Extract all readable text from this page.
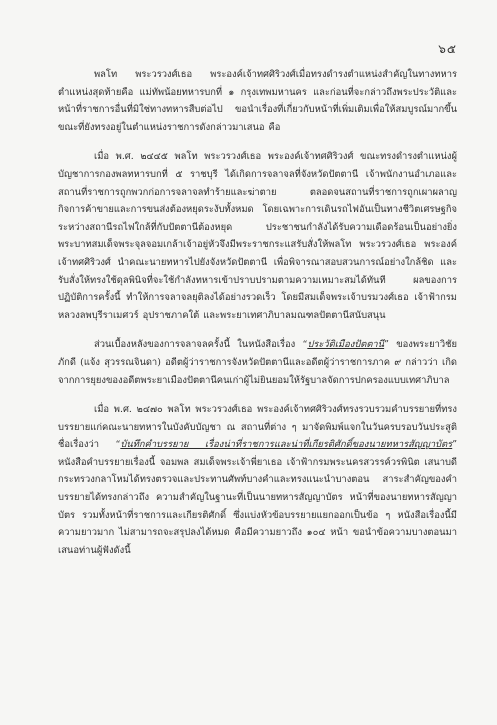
๖๕

พลโท พระวรวงศ์เธอ พระองค์เจ้าทศศิริวงศ์เมื่อทรงดำรงตำแหน่งสำคัญในทางทหาร ตำแหน่งสุดท้ายคือ แม่ทัพน้อยทหารบกที่ ๑ กรุงเทพมหานคร และก่อนที่จะกล่าวถึงพระประวัติและหน้าที่ราชการอื่นที่มิใช่ทางทหารสืบต่อไป ขอนำเรื่องที่เกี่ยวกับหน้าที่เพิ่มเติมเพื่อให้สมบูรณ์มากขึ้น ขณะที่ยังทรงอยู่ในตำแหน่งราชการดังกล่าวมาเสนอ คือ

เมื่อ พ.ศ. ๒๔๔๕ พลโท พระวรวงศ์เธอ พระองค์เจ้าทศศิริวงศ์ ขณะทรงดำรงตำแหน่งผู้บัญชาการกองพลทหารบกที่ ๕ ราชบุรี ได้เกิดการจลาจลที่จังหวัดปัตตานี เจ้าพนักงานอำเภอและสถานที่ราชการถูกพวกก่อการจลาจลทำร้ายและฆ่าตาย ตลอดจนสถานที่ราชการถูกเผาผลาญ กิจการค้าขายและการขนส่งต้องหยุดระงับทั้งหมด โดยเฉพาะการเดินรถไฟอันเป็นทางชีวิตเศรษฐกิจระหว่างสถานีรถไฟใกล้ที่กับปัตตานีต้องหยุด ประชาชนกำลังได้รับความเดือดร้อนเป็นอย่างยิ่ง พระบาทสมเด็จพระจุลจอมเกล้าเจ้าอยู่หัวจึงมีพระราชกระแสรับสั่งให้พลโท พระวรวงศ์เธอ พระองค์เจ้าทศศิริวงศ์ นำคณะนายทหารไปยังจังหวัดปัตตานี เพื่อพิจารณาสอบสวนการณ์อย่างใกล้ชิด และรับสั่งให้ทรงใช้ดุลพินิจที่จะใช้กำลังทหารเข้าปราบปรามตามความเหมาะสมได้ทันที ผลของการปฏิบัติการครั้งนี้ ทำให้การจลาจลยุติลงได้อย่างรวดเร็ว โดยมีสมเด็จพระเจ้าบรมวงศ์เธอ เจ้าฟ้ากรมหลวงลพบุรีราเมศวร์ อุปราชภาคใต้ และพระยาเทศาภิบาลมณฑลปัตตานีสนับสนุน

ส่วนเบื้องหลังของการจลาจลครั้งนี้ ในหนังสือเรื่อง “ประวัติเมืองปัตตานี” ของพระยาวิชัยภักดี (แจ้ง สุวรรณจินดา) อดีตผู้ว่าราชการจังหวัดปัตตานีและอดีตผู้ว่าราชการภาค ๙ กล่าวว่า เกิดจากการยุยงของอดีตพระยาเมืองปัตตานีคนเก่าผู้ไม่ยินยอมให้รัฐบาลจัดการปกครองแบบเทศาภิบาล

เมื่อ พ.ศ. ๒๔๗๐ พลโท พระวรวงศ์เธอ พระองค์เจ้าทศศิริวงศ์ทรงรวบรวมคำบรรยายที่ทรงบรรยายแก่คณะนายทหารในบังคับบัญชา ณ สถานที่ต่าง ๆ มาจัดพิมพ์แจกในวันครบรอบวันประสูติชื่อเรื่องว่า “บันทึกคำบรรยาย เรื่องน่าที่ราชการและน่าที่เกียรติศักดิ์ของนายทหารสัญญาบัตร” หนังสือคำบรรยายเรื่องนี้ จอมพล สมเด็จพระเจ้าพี่ยาเธอ เจ้าฟ้ากรมพระนครสวรรค์วรพินิต เสนาบดีกระทรวงกลาโหมได้ทรงตรวจและประทานศัพท์บางคำและทรงแนะนำบางตอน สาระสำคัญของคำบรรยายได้ทรงกล่าวถึง ความสำคัญในฐานะที่เป็นนายทหารสัญญาบัตร หน้าที่ของนายทหารสัญญาบัตร รวมทั้งหน้าที่ราชการและเกียรติศักดิ์ ซึ่งแบ่งหัวข้อบรรยายแยกออกเป็นข้อ ๆ หนังสือเรื่องนี้มีความยาวมาก ไม่สามารถจะสรุปลงได้หมด คือมีความยาวถึง ๑๐๔ หน้า ขอนำข้อความบางตอนมาเสนอท่านผู้ฟังดังนี้
